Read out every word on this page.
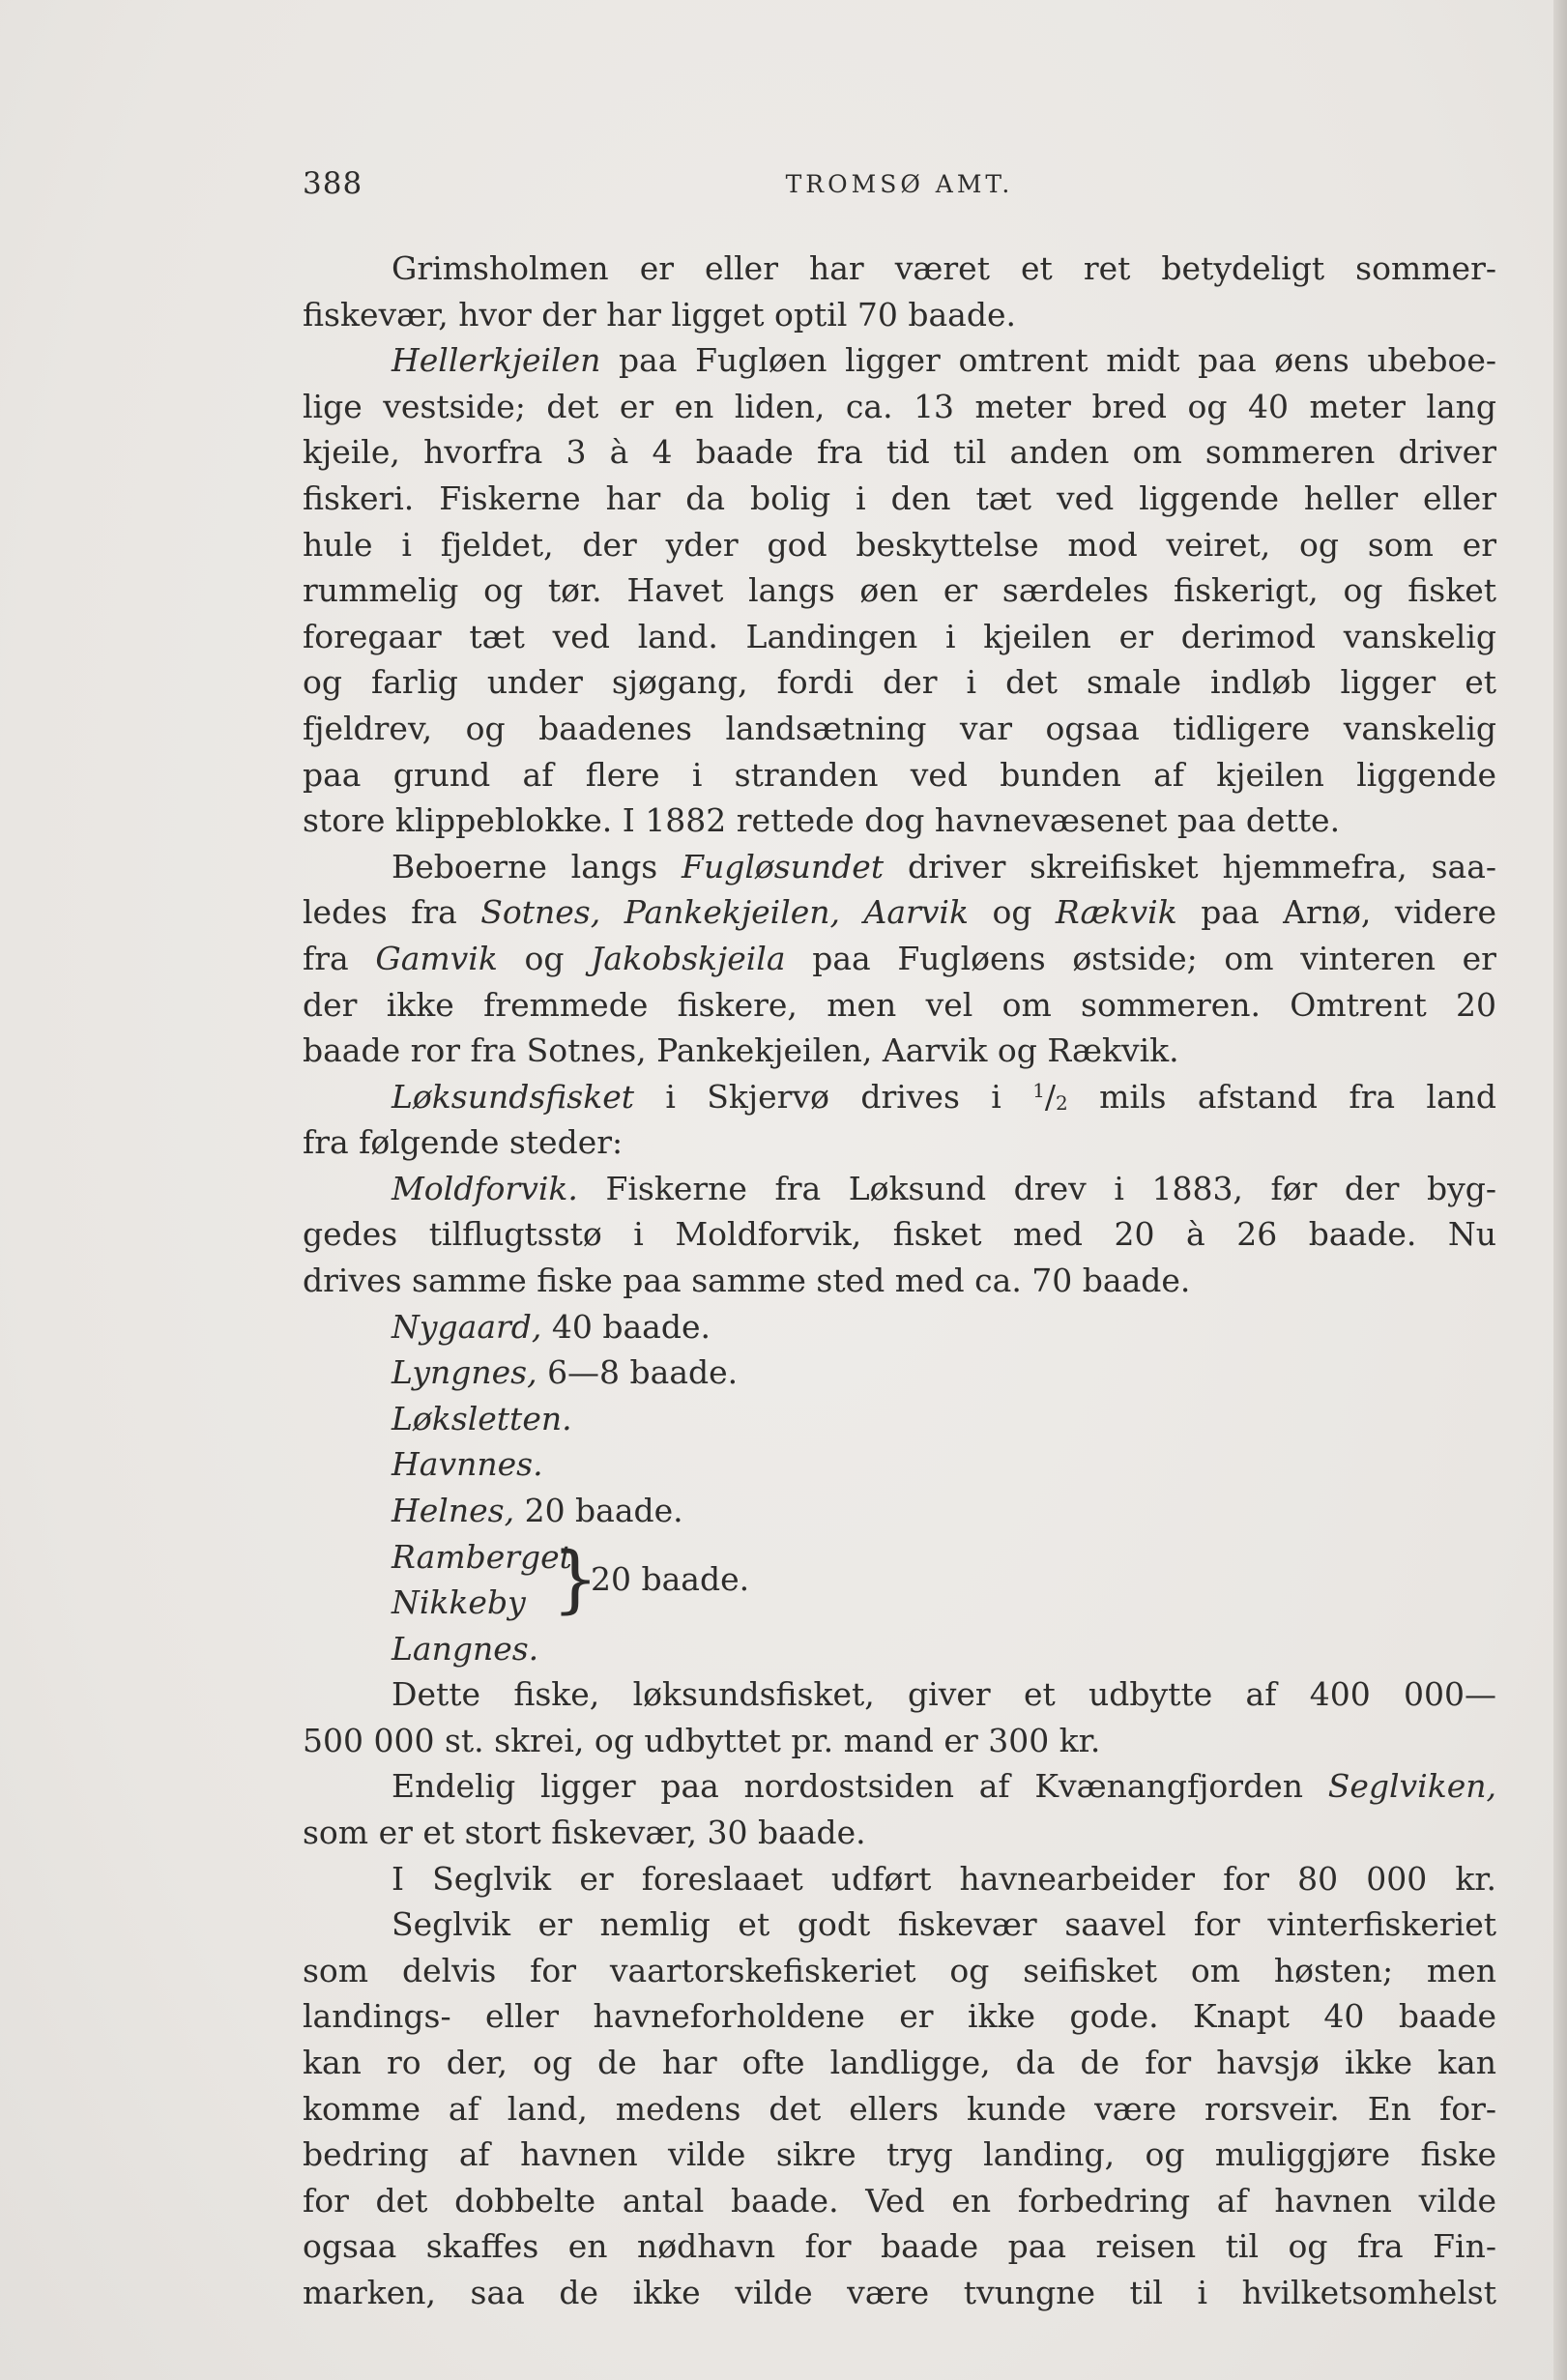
388	TROMSØ AMT.
Grimsholmen er eller har været et ret betydeligt sommer-
fiskevær, hvor der har ligget optil 70 baade.
Hellerkjeilen paa Fugløen ligger omtrent midt paa øens ubeboe-
lige vestside; det er en liden, ca. 13 meter bred og 40 meter lang
kjeile, hvorfra 3 à 4 baade fra tid til anden om sommeren driver
fiskeri. Fiskerne har da bolig i den tæt ved liggende heller eller
hule i fjeldet, der yder god beskyttelse mod veiret, og som er
rummelig og tør. Havet langs øen er særdeles fiskerigt, og fisket
foregaar tæt ved land. Landingen i kjeilen er derimod vanskelig
og farlig under sjøgang, fordi der i det smale indløb ligger et
fjeldrev, og baadenes landsætning var ogsaa tidligere vanskelig
paa grund af flere i stranden ved bunden af kjeilen liggende
store klippeblokke. I 1882 rettede dog havnevæsenet paa dette.
Beboerne langs Fugløsundet driver skreifisket hjemmefra, saa-
ledes fra Sotnes, Pankekjeilen, Aarvik og Rækvik paa Arnø, videre
fra Gamvik og Jakobskjeila paa Fugløens østside; om vinteren er
der ikke fremmede fiskere, men vel om sommeren. Omtrent 20
baade ror fra Sotnes, Pankekjeilen, Aarvik og Rækvik.
Løksundsfisket i Skjervø drives i $^1/_2$ mils afstand fra land
fra følgende steder:
Moldforvik. Fiskerne fra Løksund drev i 1883, før der byg-
gedes tilflugtsstø i Moldforvik, fisket med 20 à 26 baade. Nu
drives samme fiske paa samme sted med ca. 70 baade.
Nygaard, 40 baade.
Lyngnes, 6—8 baade.
Løksletten.
Havnnes.
Helnes, 20 baade.
Ramberget
Nikkeby }
20 baade.
Langnes.
Dette fiske, løksundsfisket, giver et udbytte af 400 000—
500 000 st. skrei, og udbyttet pr. mand er 300 kr.
Endelig ligger paa nordostsiden af Kvænangfjorden Seglviken,
som er et stort fiskevær, 30 baade.
I Seglvik er foreslaaet udført havnearbeider for 80 000 kr.
Seglvik er nemlig et godt fiskevær saavel for vinterfiskeriet
som delvis for vaartorskefiskeriet og seifisket om høsten; men
landings- eller havneforholdene er ikke gode. Knapt 40 baade
kan ro der, og de har ofte landligge, da de for havsjø ikke kan
komme af land, medens det ellers kunde være rorsveir. En for-
bedring af havnen vilde sikre tryg landing, og muliggjøre fiske
for det dobbelte antal baade. Ved en forbedring af havnen vilde
ogsaa skaffes en nødhavn for baade paa reisen til og fra Fin-
marken, saa de ikke vilde være tvungne til i hvilketsomhelst
